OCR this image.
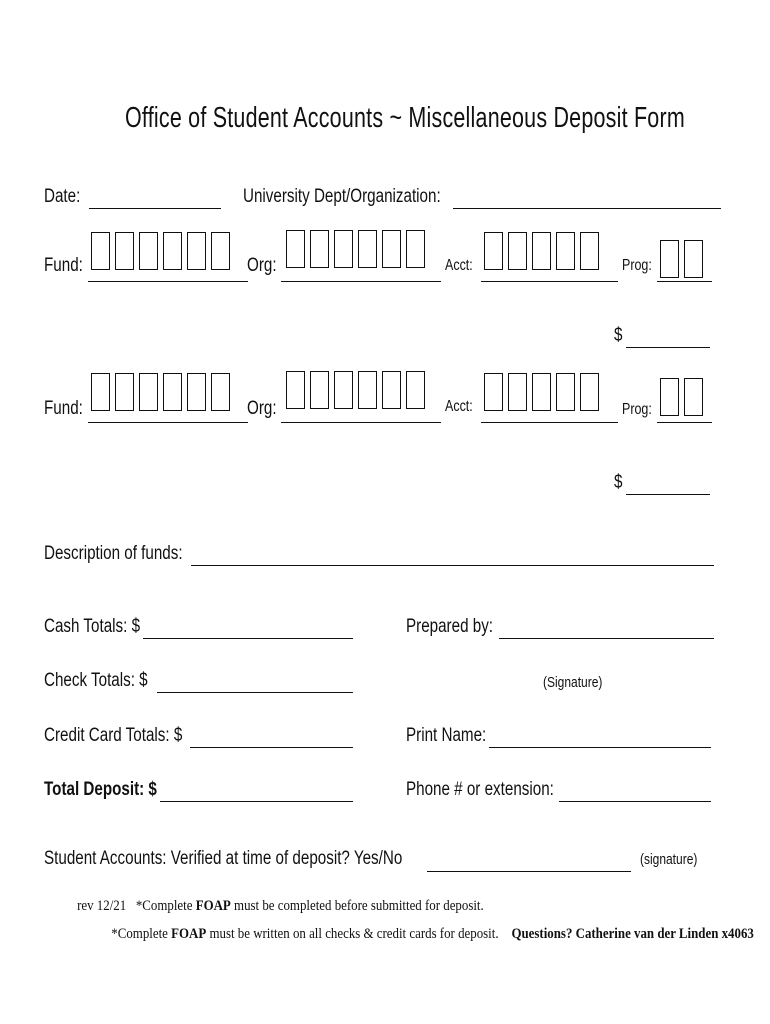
Office of Student Accounts ~ Miscellaneous Deposit Form
Date:	University Dept/Organization:
Fund:	Org:	Acct:	Prog:
$
Fund:	Org:	Acct:	Prog:
$
Description of funds:
Cash Totals: $
Check Totals: $
Credit Card Totals: $
Total Deposit: $
Prepared by:
(Signature)
Print Name:
Phone # or extension:
Student Accounts: Verified at time of deposit? Yes/No	(signature)
rev 12/21 *Complete FOAP must be completed before submitted for deposit.
*Complete FOAP must be written on all checks & credit cards for deposit. Questions? Catherine van der Linden x4063
